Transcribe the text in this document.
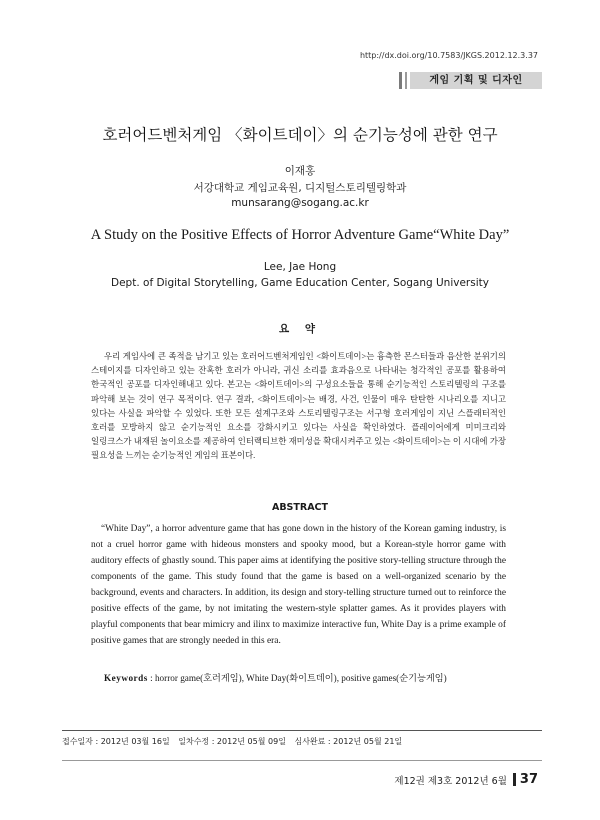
http://dx.doi.org/10.7583/JKGS.2012.12.3.37
게임 기획 및 디자인
호러어드벤처게임 〈화이트데이〉의 순기능성에 관한 연구
이재홍
서강대학교 게임교육원, 디지털스토리텔링학과
munsarang@sogang.ac.kr
A Study on the Positive Effects of Horror Adventure Game“White Day”
Lee, Jae Hong
Dept. of Digital Storytelling, Game Education Center, Sogang University
요 약
우리 게임사에 큰 족적을 남기고 있는 호러어드벤처게임인 <화이트데이>는 흉측한 몬스터들과 음산한 분위기의 스테이지를 디자인하고 있는 잔혹한 호러가 아니라, 귀신 소리를 효과음으로 나타내는 청각적인 공포를 활용하여 한국적인 공포를 디자인해내고 있다. 본고는 <화이트데이>의 구성요소들을 통해 순기능적인 스토리텔링의 구조를 파악해 보는 것이 연구 목적이다. 연구 결과, <화이트데이>는 배경, 사건, 인물이 매우 탄탄한 시나리오를 지니고 있다는 사실을 파악할 수 있었다. 또한 모든 설계구조와 스토리텔링구조는 서구형 호러게임이 지닌 스플래터적인 호러를 모방하지 않고 순기능적인 요소를 강화시키고 있다는 사실을 확인하였다. 플레이어에게 미미크리와 일링크스가 내재된 놀이요소를 제공하여 인터랙티브한 재미성을 확대시켜주고 있는 <화이트데이>는 이 시대에 가장 필요성을 느끼는 순기능적인 게임의 표본이다.
ABSTRACT
“White Day”, a horror adventure game that has gone down in the history of the Korean gaming industry, is not a cruel horror game with hideous monsters and spooky mood, but a Korean-style horror game with auditory effects of ghastly sound. This paper aims at identifying the positive story-telling structure through the components of the game. This study found that the game is based on a well-organized scenario by the background, events and characters. In addition, its design and story-telling structure turned out to reinforce the positive effects of the game, by not imitating the western-style splatter games. As it provides players with playful components that bear mimicry and ilinx to maximize interactive fun, White Day is a prime example of positive games that are strongly needed in this era.
Keywords : horror game(호러게임), White Day(화이트데이), positive games(순기능게임)
접수일자 : 2012년 03월 16일 일차수정 : 2012년 05월 09일 심사완료 : 2012년 05월 21일
제12권 제3호 2012년 6월 37
